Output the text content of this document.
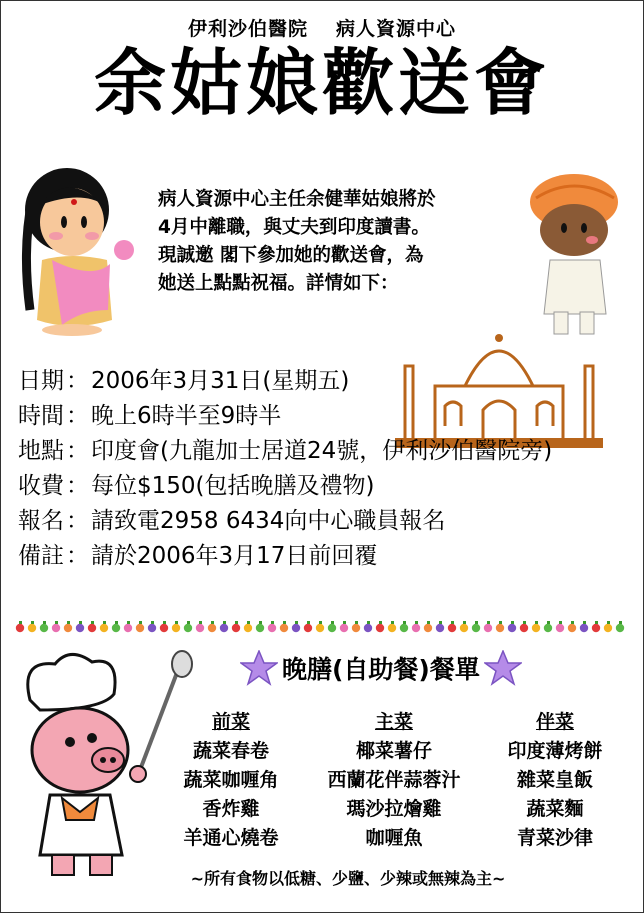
伊利沙伯醫院 病人資源中心
余姑娘歡送會
病人資源中心主任余健華姑娘將於
4月中離職，與丈夫到印度讀書。
現誠邀 閣下參加她的歡送會，為
她送上點點祝福。詳情如下：
日期：2006年3月31日(星期五)
時間：晚上6時半至9時半
地點：印度會(九龍加士居道24號，伊利沙伯醫院旁)
收費：每位$150(包括晚膳及禮物)
報名：請致電2958 6434向中心職員報名
備註：請於2006年3月17日前回覆
晚膳(自助餐)餐單
前菜
蔬菜春卷
蔬菜咖喱角
香炸雞
羊通心燒卷
主菜
椰菜薯仔
西蘭花伴蒜蓉汁
瑪沙拉燴雞
咖喱魚
伴菜
印度薄烤餅
雜菜皇飯
蔬菜麵
青菜沙律
~所有食物以低糖、少鹽、少辣或無辣為主~
